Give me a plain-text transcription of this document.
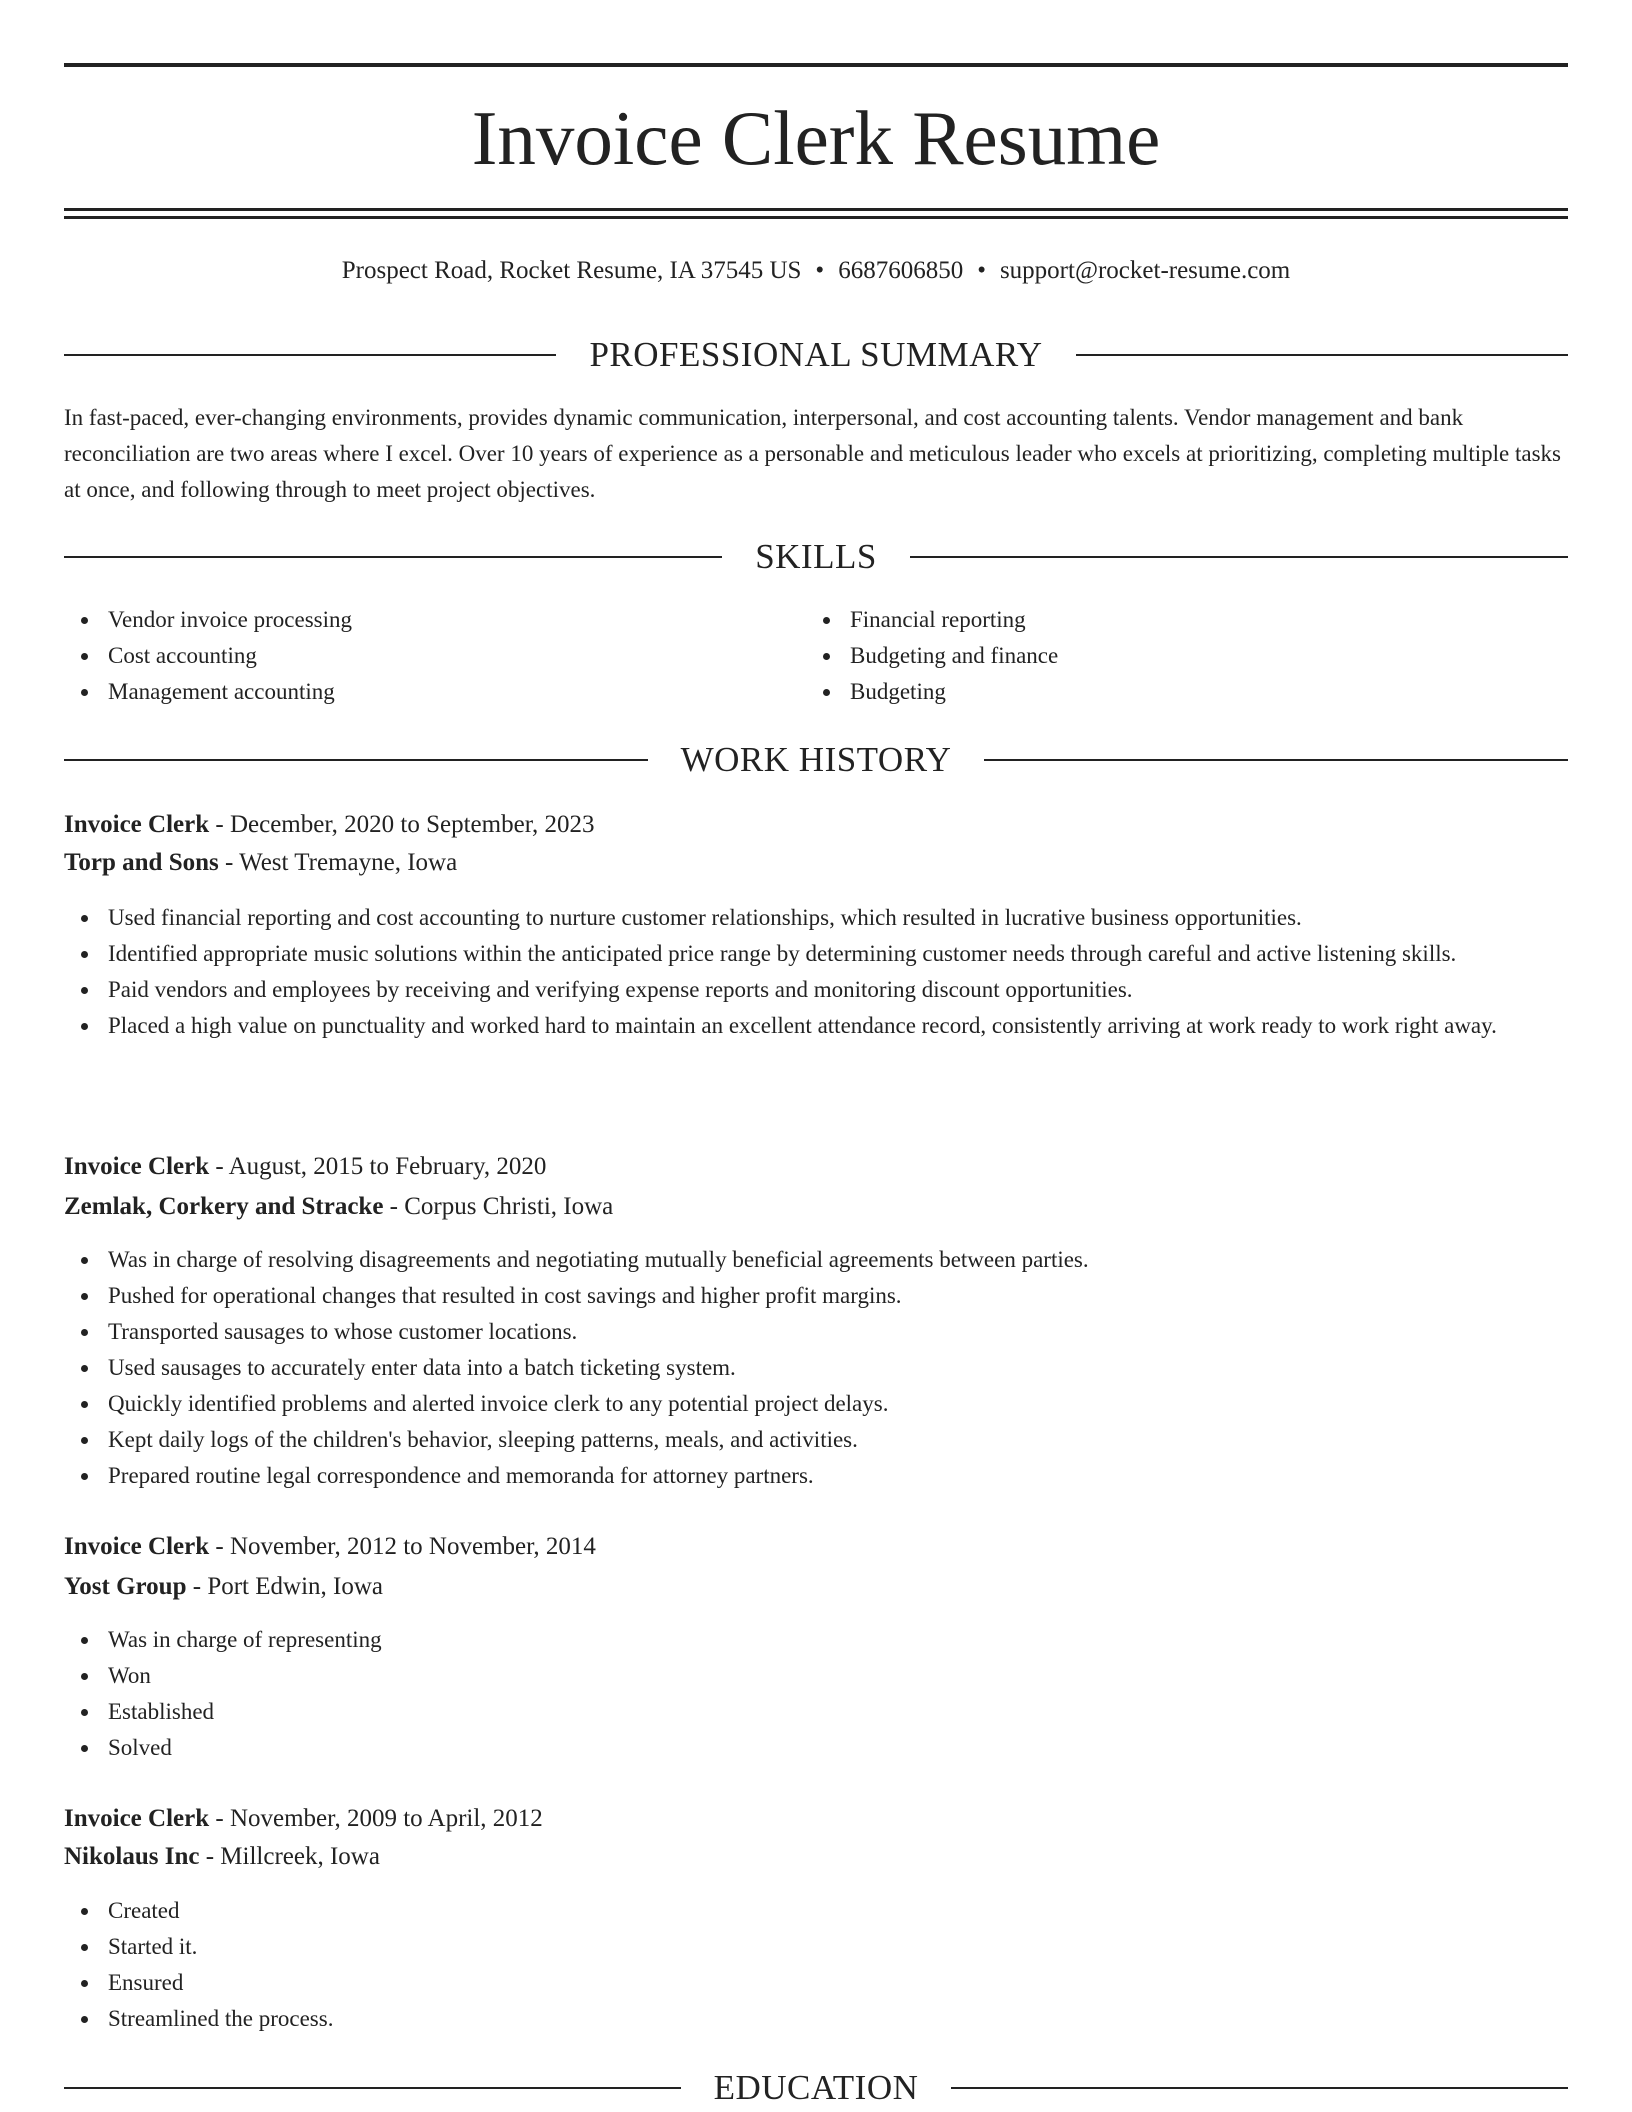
Invoice Clerk Resume
Prospect Road, Rocket Resume, IA 37545 US • 6687606850 • support@rocket-resume.com
PROFESSIONAL SUMMARY

In fast-paced, ever-changing environments, provides dynamic communication, interpersonal, and cost accounting talents. Vendor management and bank reconciliation are two areas where I excel. Over 10 years of experience as a personable and meticulous leader who excels at prioritizing, completing multiple tasks at once, and following through to meet project objectives.

SKILLS
Vendor invoice processing
Cost accounting
Management accounting
Financial reporting
Budgeting and finance
Budgeting
WORK HISTORY
Invoice Clerk - December, 2020 to September, 2023
Torp and Sons - West Tremayne, Iowa
Used financial reporting and cost accounting to nurture customer relationships, which resulted in lucrative business opportunities.
Identified appropriate music solutions within the anticipated price range by determining customer needs through careful and active listening skills.
Paid vendors and employees by receiving and verifying expense reports and monitoring discount opportunities.
Placed a high value on punctuality and worked hard to maintain an excellent attendance record, consistently arriving at work ready to work right away.
Invoice Clerk - August, 2015 to February, 2020
Zemlak, Corkery and Stracke - Corpus Christi, Iowa
Was in charge of resolving disagreements and negotiating mutually beneficial agreements between parties.
Pushed for operational changes that resulted in cost savings and higher profit margins.
Transported sausages to whose customer locations.
Used sausages to accurately enter data into a batch ticketing system.
Quickly identified problems and alerted invoice clerk to any potential project delays.
Kept daily logs of the children's behavior, sleeping patterns, meals, and activities.
Prepared routine legal correspondence and memoranda for attorney partners.
Invoice Clerk - November, 2012 to November, 2014
Yost Group - Port Edwin, Iowa
Was in charge of representing
Won
Established
Solved
Invoice Clerk - November, 2009 to April, 2012
Nikolaus Inc - Millcreek, Iowa
Created
Started it.
Ensured
Streamlined the process.
EDUCATION
